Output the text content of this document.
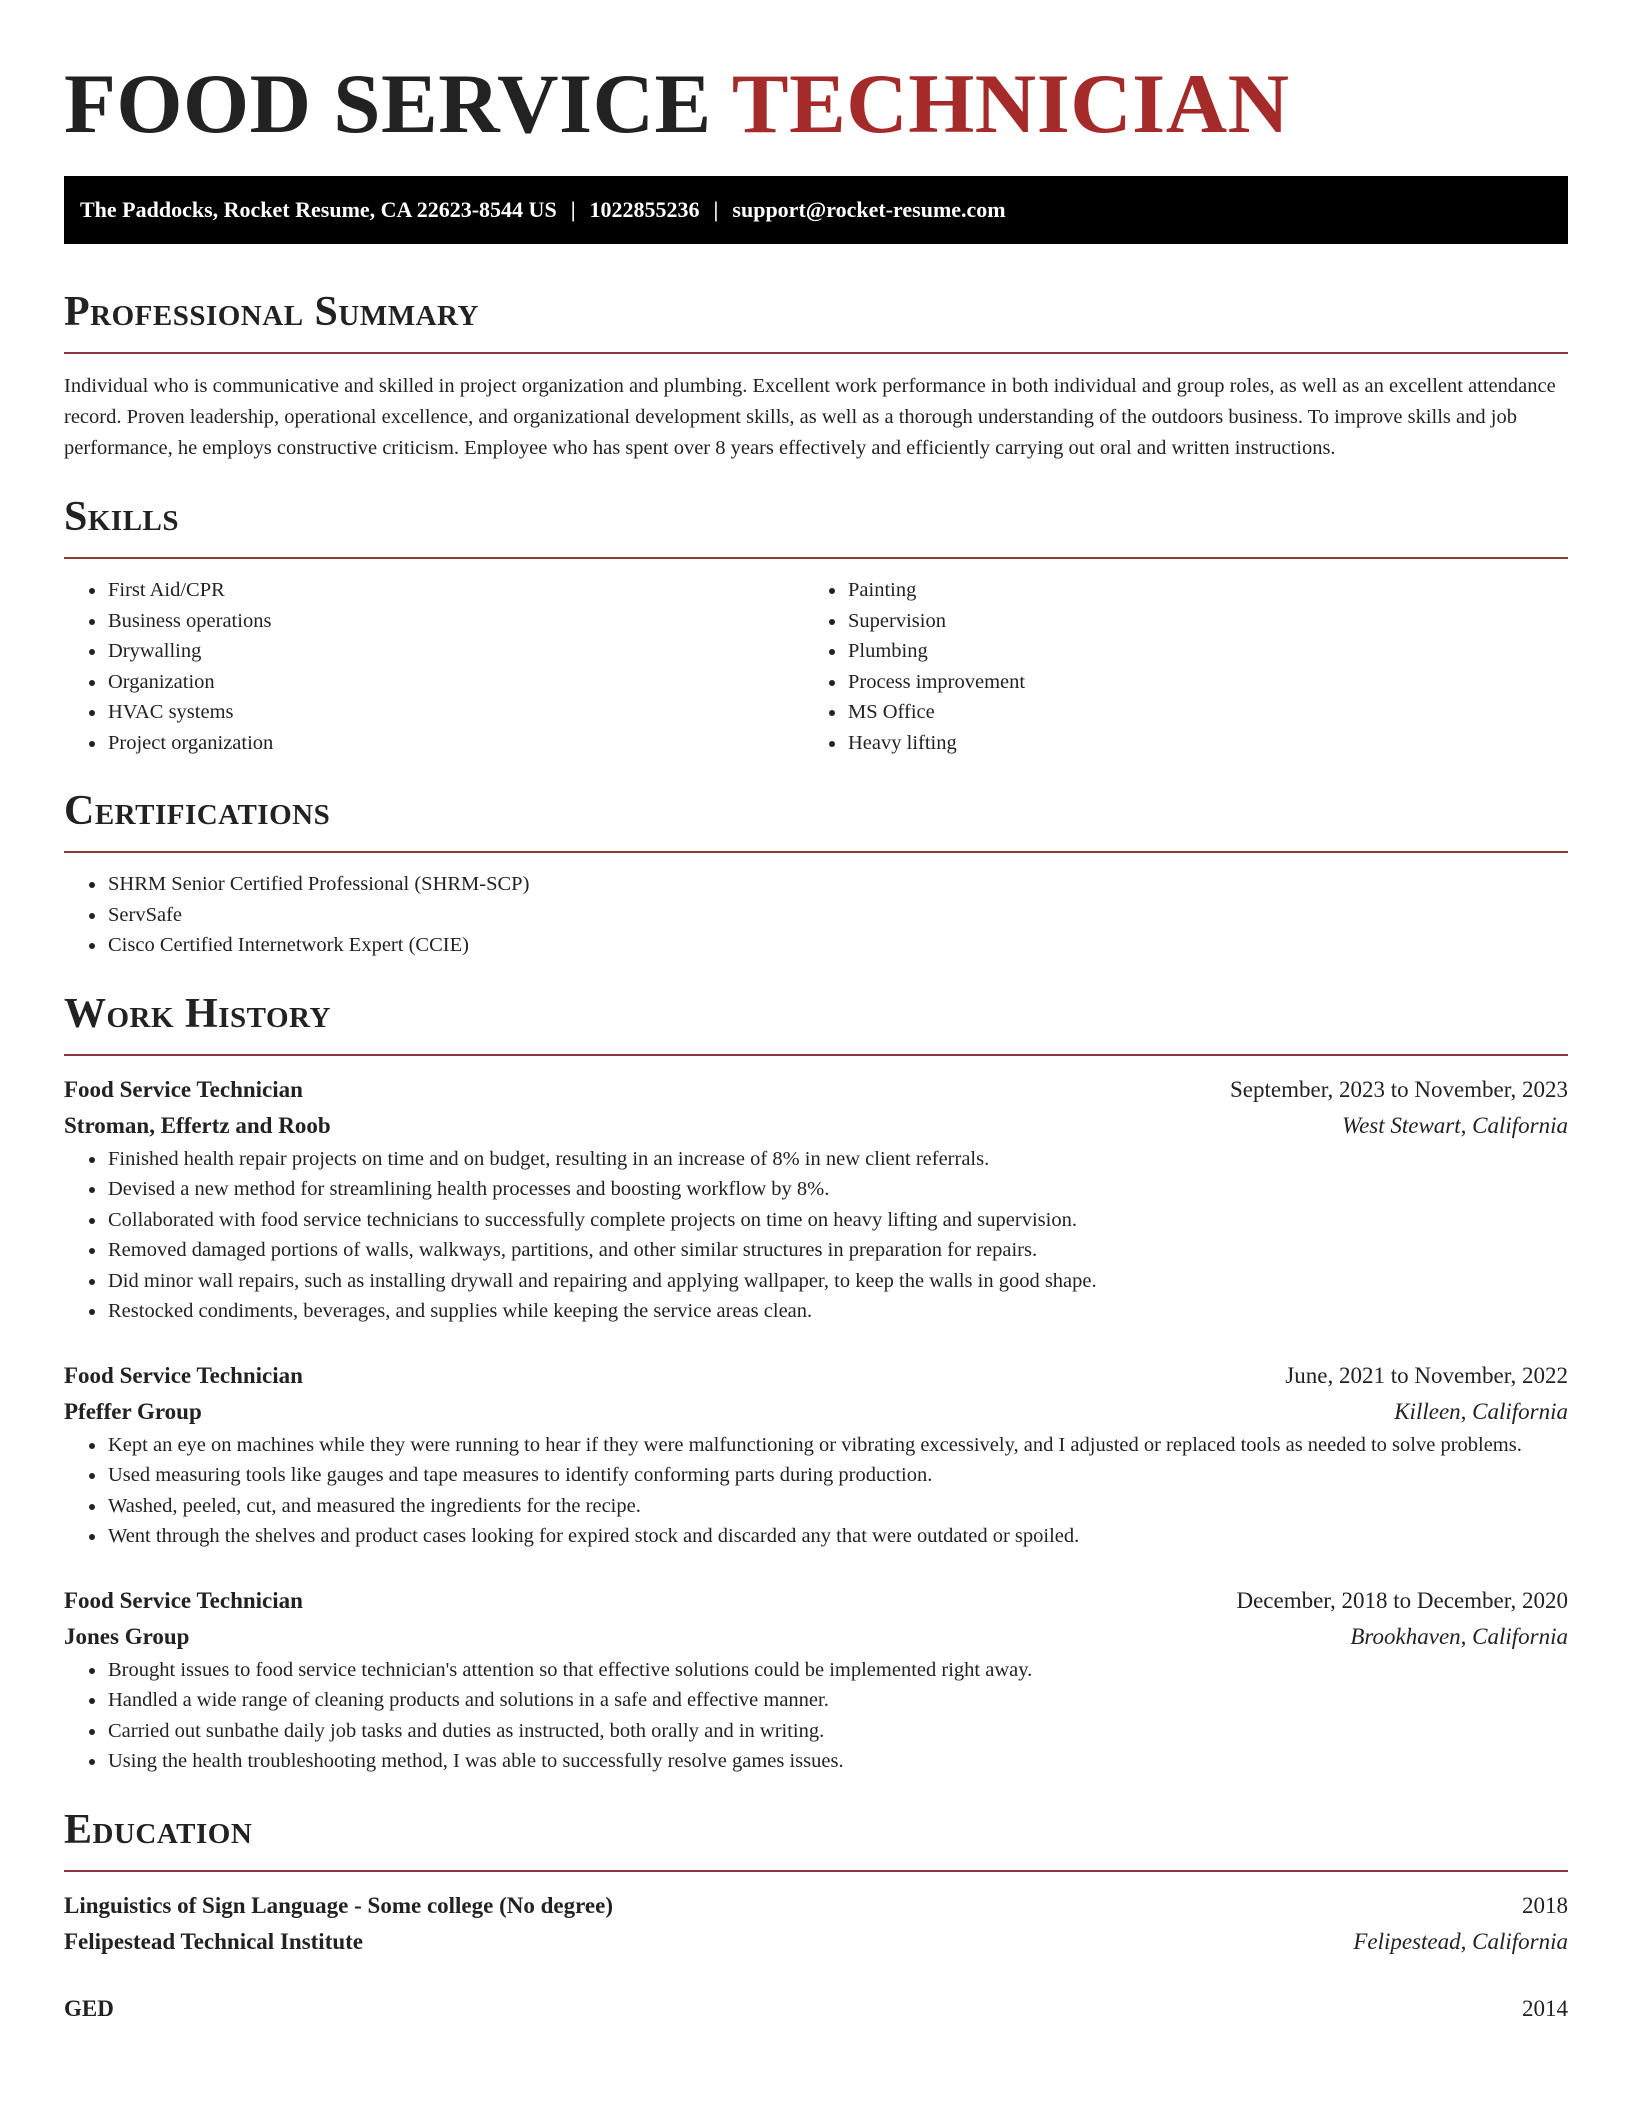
FOOD SERVICE TECHNICIAN
The Paddocks, Rocket Resume, CA 22623-8544 US | 1022855236 | support@rocket-resume.com
Professional Summary

Individual who is communicative and skilled in project organization and plumbing. Excellent work performance in both individual and group roles, as well as an excellent attendance record. Proven leadership, operational excellence, and organizational development skills, as well as a thorough understanding of the outdoors business. To improve skills and job performance, he employs constructive criticism. Employee who has spent over 8 years effectively and efficiently carrying out oral and written instructions.

Skills
• First Aid/CPR
• Business operations
• Drywalling
• Organization
• HVAC systems
• Project organization
• Painting
• Supervision
• Plumbing
• Process improvement
• MS Office
• Heavy lifting
Certifications
• SHRM Senior Certified Professional (SHRM-SCP)
• ServSafe
• Cisco Certified Internetwork Expert (CCIE)
Work History
Food Service Technician	September, 2023 to November, 2023
Stroman, Effertz and Roob	West Stewart, California
• Finished health repair projects on time and on budget, resulting in an increase of 8% in new client referrals.
• Devised a new method for streamlining health processes and boosting workflow by 8%.
• Collaborated with food service technicians to successfully complete projects on time on heavy lifting and supervision.
• Removed damaged portions of walls, walkways, partitions, and other similar structures in preparation for repairs.
• Did minor wall repairs, such as installing drywall and repairing and applying wallpaper, to keep the walls in good shape.
• Restocked condiments, beverages, and supplies while keeping the service areas clean.
Food Service Technician	June, 2021 to November, 2022
Pfeffer Group	Killeen, California
• Kept an eye on machines while they were running to hear if they were malfunctioning or vibrating excessively, and I adjusted or replaced tools as needed to solve problems.
• Used measuring tools like gauges and tape measures to identify conforming parts during production.
• Washed, peeled, cut, and measured the ingredients for the recipe.
• Went through the shelves and product cases looking for expired stock and discarded any that were outdated or spoiled.
Food Service Technician	December, 2018 to December, 2020
Jones Group	Brookhaven, California
• Brought issues to food service technician's attention so that effective solutions could be implemented right away.
• Handled a wide range of cleaning products and solutions in a safe and effective manner.
• Carried out sunbathe daily job tasks and duties as instructed, both orally and in writing.
• Using the health troubleshooting method, I was able to successfully resolve games issues.
Education
Linguistics of Sign Language - Some college (No degree)	2018
Felipestead Technical Institute	Felipestead, California
GED	2014
